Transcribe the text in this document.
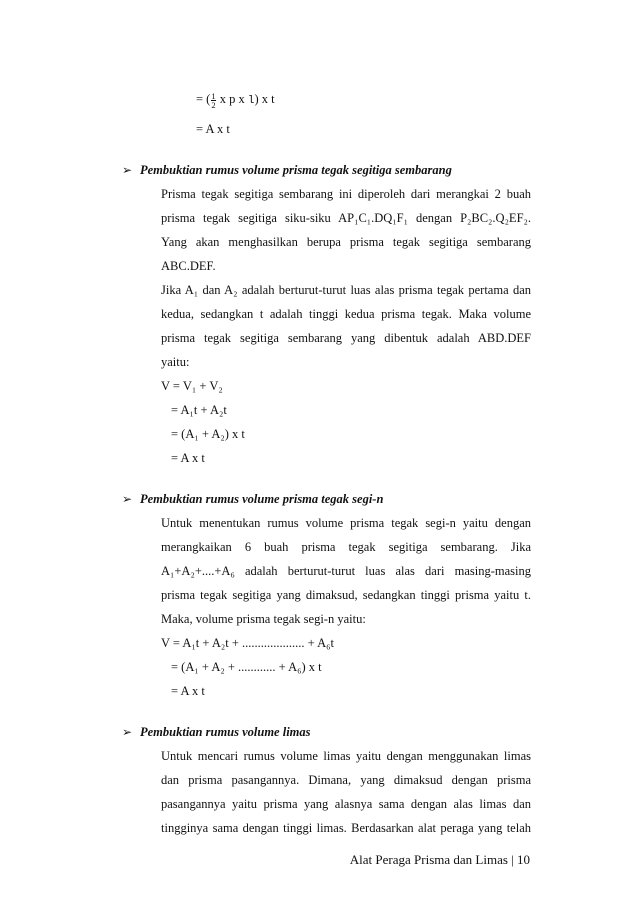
= ($\frac{1}{2}$ x p x l) x t
= A x t
➢ Pembuktian rumus volume prisma tegak segitiga sembarang
Prisma tegak segitiga sembarang ini diperoleh dari merangkai 2 buah
prisma tegak segitiga siku-siku AP₁C₁.DQ₁F₁ dengan P₂BC₂.Q₂EF₂.
Yang akan menghasilkan berupa prisma tegak segitiga sembarang
ABC.DEF.
Jika A₁ dan A₂ adalah berturut-turut luas alas prisma tegak pertama dan
kedua, sedangkan t adalah tinggi kedua prisma tegak. Maka volume
prisma tegak segitiga sembarang yang dibentuk adalah ABD.DEF
yaitu:
V = V₁ + V₂
= A₁t + A₂t
= (A₁ + A₂) x t
= A x t
➢ Pembuktian rumus volume prisma tegak segi-n
Untuk menentukan rumus volume prisma tegak segi-n yaitu dengan
merangkaikan 6 buah prisma tegak segitiga sembarang. Jika
A₁+A₂+....+A₆ adalah berturut-turut luas alas dari masing-masing
prisma tegak segitiga yang dimaksud, sedangkan tinggi prisma yaitu t.
Maka, volume prisma tegak segi-n yaitu:
V = A₁t + A₂t + .................... + A₆t
= (A₁ + A₂ + ............ + A₆) x t
= A x t
➢ Pembuktian rumus volume limas
Untuk mencari rumus volume limas yaitu dengan menggunakan limas
dan prisma pasangannya. Dimana, yang dimaksud dengan prisma
pasangannya yaitu prisma yang alasnya sama dengan alas limas dan
tingginya sama dengan tinggi limas. Berdasarkan alat peraga yang telah
Alat Peraga Prisma dan Limas | 10
